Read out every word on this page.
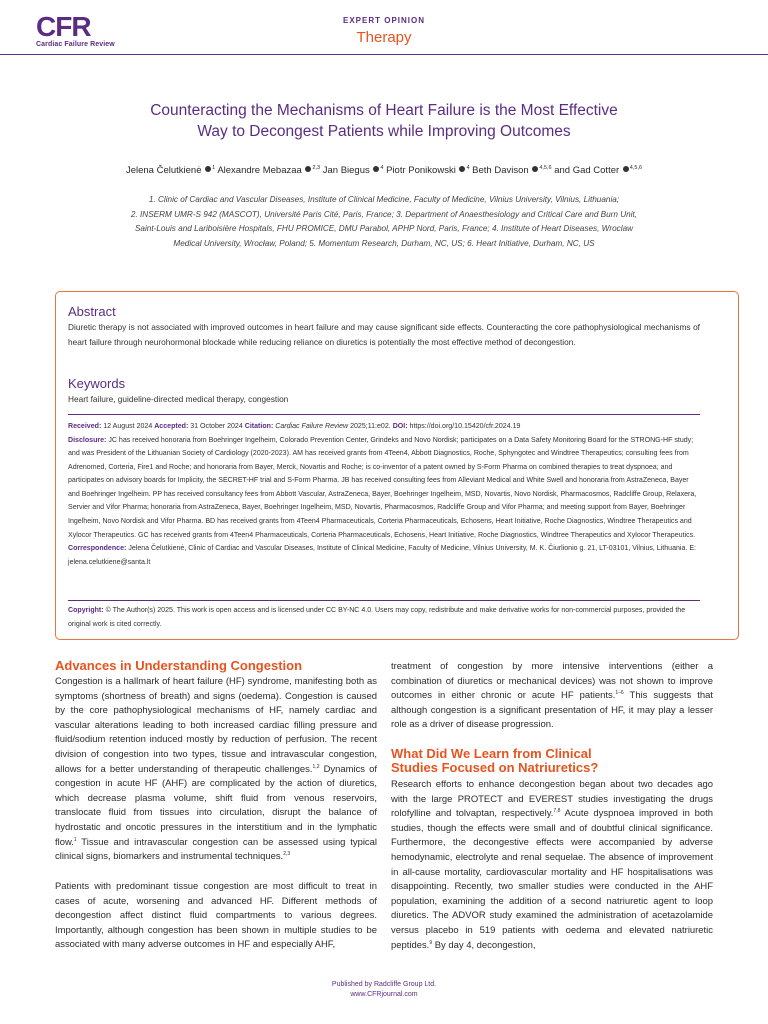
CFR
Cardiac Failure Review
EXPERT OPINION
Therapy
Counteracting the Mechanisms of Heart Failure is the Most Effective
Way to Decongest Patients while Improving Outcomes
Jelena Čelutkienė $^1$ Alexandre Mebazaa $^{2,3}$ Jan Biegus $^4$ Piotr Ponikowski $^4$ Beth Davison $^{4,5,6}$ and Gad Cotter $^{4,5,6}$
1. Clinic of Cardiac and Vascular Diseases, Institute of Clinical Medicine, Faculty of Medicine, Vilnius University, Vilnius, Lithuania;
2. INSERM UMR-S 942 (MASCOT), Université Paris Cité, Paris, France; 3. Department of Anaesthesiology and Critical Care and Burn Unit,
Saint-Louis and Lariboisière Hospitals, FHU PROMICE, DMU Parabol, APHP Nord, Paris, France; 4. Institute of Heart Diseases, Wroclaw
Medical University, Wrocław, Poland; 5. Momentum Research, Durham, NC, US; 6. Heart Initiative, Durham, NC, US
Abstract
Diuretic therapy is not associated with improved outcomes in heart failure and may cause significant side effects. Counteracting the core pathophysiological mechanisms of heart failure through neurohormonal blockade while reducing reliance on diuretics is potentially the most effective method of decongestion.
Keywords
Heart failure, guideline-directed medical therapy, congestion
Received: 12 August 2024 Accepted: 31 October 2024 Citation: Cardiac Failure Review 2025;11:e02. DOI: https://doi.org/10.15420/cfr.2024.19
Disclosure: JC has received honoraria from Boehringer Ingelheim, Colorado Prevention Center, Grindeks and Novo Nordisk; participates on a Data Safety Monitoring Board for the STRONG-HF study; and was President of the Lithuanian Society of Cardiology (2020-2023). AM has received grants from 4Teen4, Abbott Diagnostics, Roche, Sphyngotec and Windtree Therapeutics; consulting fees from Adrenomed, Corteria, Fire1 and Roche; and honoraria from Bayer, Merck, Novartis and Roche; is co-inventor of a patent owned by S-Form Pharma on combined therapies to treat dyspnoea; and participates on advisory boards for Implicity, the SECRET-HF trial and S-Form Pharma. JB has received consulting fees from Alleviant Medical and White Swell and honoraria from AstraZeneca, Bayer and Boehringer Ingelheim. PP has received consultancy fees from Abbott Vascular, AstraZeneca, Bayer, Boehringer Ingelheim, MSD, Novartis, Novo Nordisk, Pharmacosmos, Radcliffe Group, Relaxera, Servier and Vifor Pharma; honoraria from AstraZeneca, Bayer, Boehringer Ingelheim, MSD, Novartis, Pharmacosmos, Radcliffe Group and Vifor Pharma; and meeting support from Bayer, Boehringer Ingelheim, Novo Nordisk and Vifor Pharma. BD has received grants from 4Teen4 Pharmaceuticals, Corteria Pharmaceuticals, Echosens, Heart Initiative, Roche Diagnostics, Windtree Therapeutics and Xylocor Therapeutics. GC has received grants from 4Teen4 Pharmaceuticals, Corteria Pharmaceuticals, Echosens, Heart Initiative, Roche Diagnostics, Windtree Therapeutics and Xylocor Therapeutics.
Correspondence: Jelena Čelutkienė, Clinic of Cardiac and Vascular Diseases, Institute of Clinical Medicine, Faculty of Medicine, Vilnius University, M. K. Čiurlionio g. 21, LT-03101, Vilnius, Lithuania. E: jelena.celutkiene@santa.lt
Copyright: © The Author(s) 2025. This work is open access and is licensed under CC BY-NC 4.0. Users may copy, redistribute and make derivative works for non-commercial purposes, provided the original work is cited correctly.
Advances in Understanding Congestion
Congestion is a hallmark of heart failure (HF) syndrome, manifesting both as symptoms (shortness of breath) and signs (oedema). Congestion is caused by the core pathophysiological mechanisms of HF, namely cardiac and vascular alterations leading to both increased cardiac filling pressure and fluid/sodium retention induced mostly by reduction of perfusion. The recent division of congestion into two types, tissue and intravascular congestion, allows for a better understanding of therapeutic challenges.$^{1,2}$ Dynamics of congestion in acute HF (AHF) are complicated by the action of diuretics, which decrease plasma volume, shift fluid from venous reservoirs, translocate fluid from tissues into circulation, disrupt the balance of hydrostatic and oncotic pressures in the interstitium and in the lymphatic flow.$^1$ Tissue and intravascular congestion can be assessed using typical clinical signs, biomarkers and instrumental techniques.$^{2,3}$
Patients with predominant tissue congestion are most difficult to treat in cases of acute, worsening and advanced HF. Different methods of decongestion affect distinct fluid compartments to various degrees. Importantly, although congestion has been shown in multiple studies to be associated with many adverse outcomes in HF and especially AHF,
treatment of congestion by more intensive interventions (either a combination of diuretics or mechanical devices) was not shown to improve outcomes in either chronic or acute HF patients.$^{1-6}$ This suggests that although congestion is a significant presentation of HF, it may play a lesser role as a driver of disease progression.
What Did We Learn from Clinical
Studies Focused on Natriuretics?
Research efforts to enhance decongestion began about two decades ago with the large PROTECT and EVEREST studies investigating the drugs rolofylline and tolvaptan, respectively.$^{7,8}$ Acute dyspnoea improved in both studies, though the effects were small and of doubtful clinical significance. Furthermore, the decongestive effects were accompanied by adverse hemodynamic, electrolyte and renal sequelae. The absence of improvement in all-cause mortality, cardiovascular mortality and HF hospitalisations was disappointing. Recently, two smaller studies were conducted in the AHF population, examining the addition of a second natriuretic agent to loop diuretics. The ADVOR study examined the administration of acetazolamide versus placebo in 519 patients with oedema and elevated natriuretic peptides.$^9$ By day 4, decongestion,
Published by Radcliffe Group Ltd.
www.CFRjournal.com
